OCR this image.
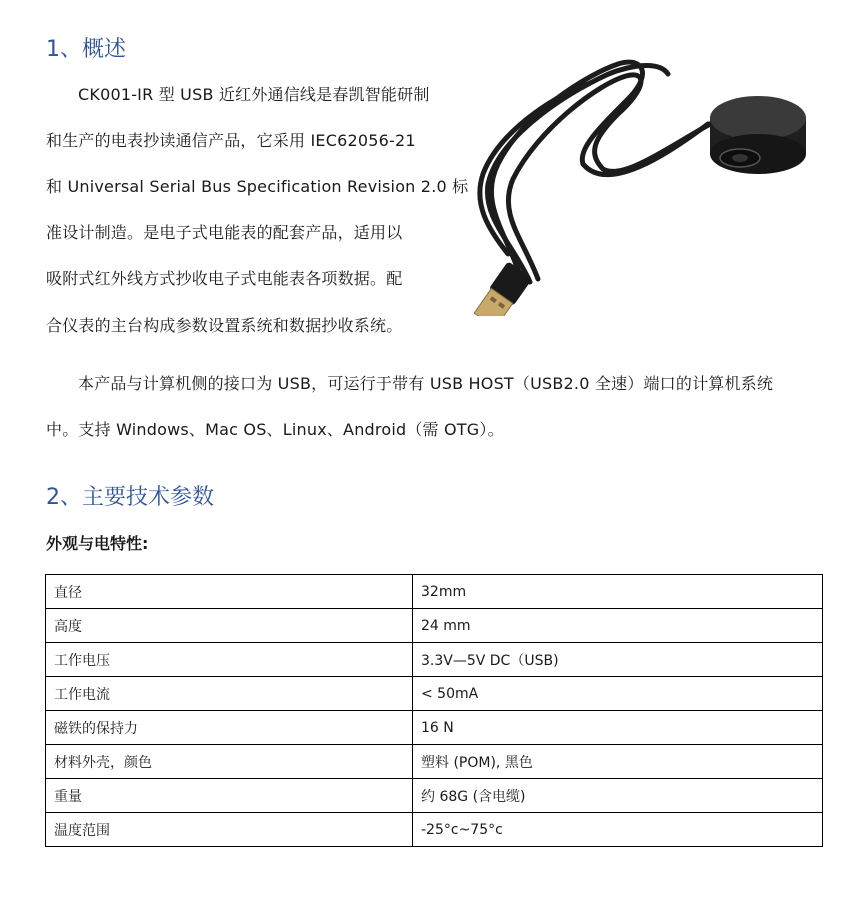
1、概述
CK001-IR 型 USB 近红外通信线是春凯智能研制
和生产的电表抄读通信产品，它采用 IEC62056-21
和 Universal Serial Bus Specification Revision 2.0 标
准设计制造。是电子式电能表的配套产品，适用以
吸附式红外线方式抄收电子式电能表各项数据。配
合仪表的主台构成参数设置系统和数据抄收系统。
本产品与计算机侧的接口为 USB，可运行于带有 USB HOST（USB2.0 全速）端口的计算机系统
中。支持 Windows、Mac OS、Linux、Android（需 OTG）。
2、主要技术参数
外观与电特性:
直径	32mm
高度	24 mm
工作电压	3.3V—5V DC（USB)
工作电流	< 50mA
磁铁的保持力	16 N
材料外壳，颜色	塑料 (POM), 黑色
重量	约 68G (含电缆)
温度范围	-25°c~75°c
